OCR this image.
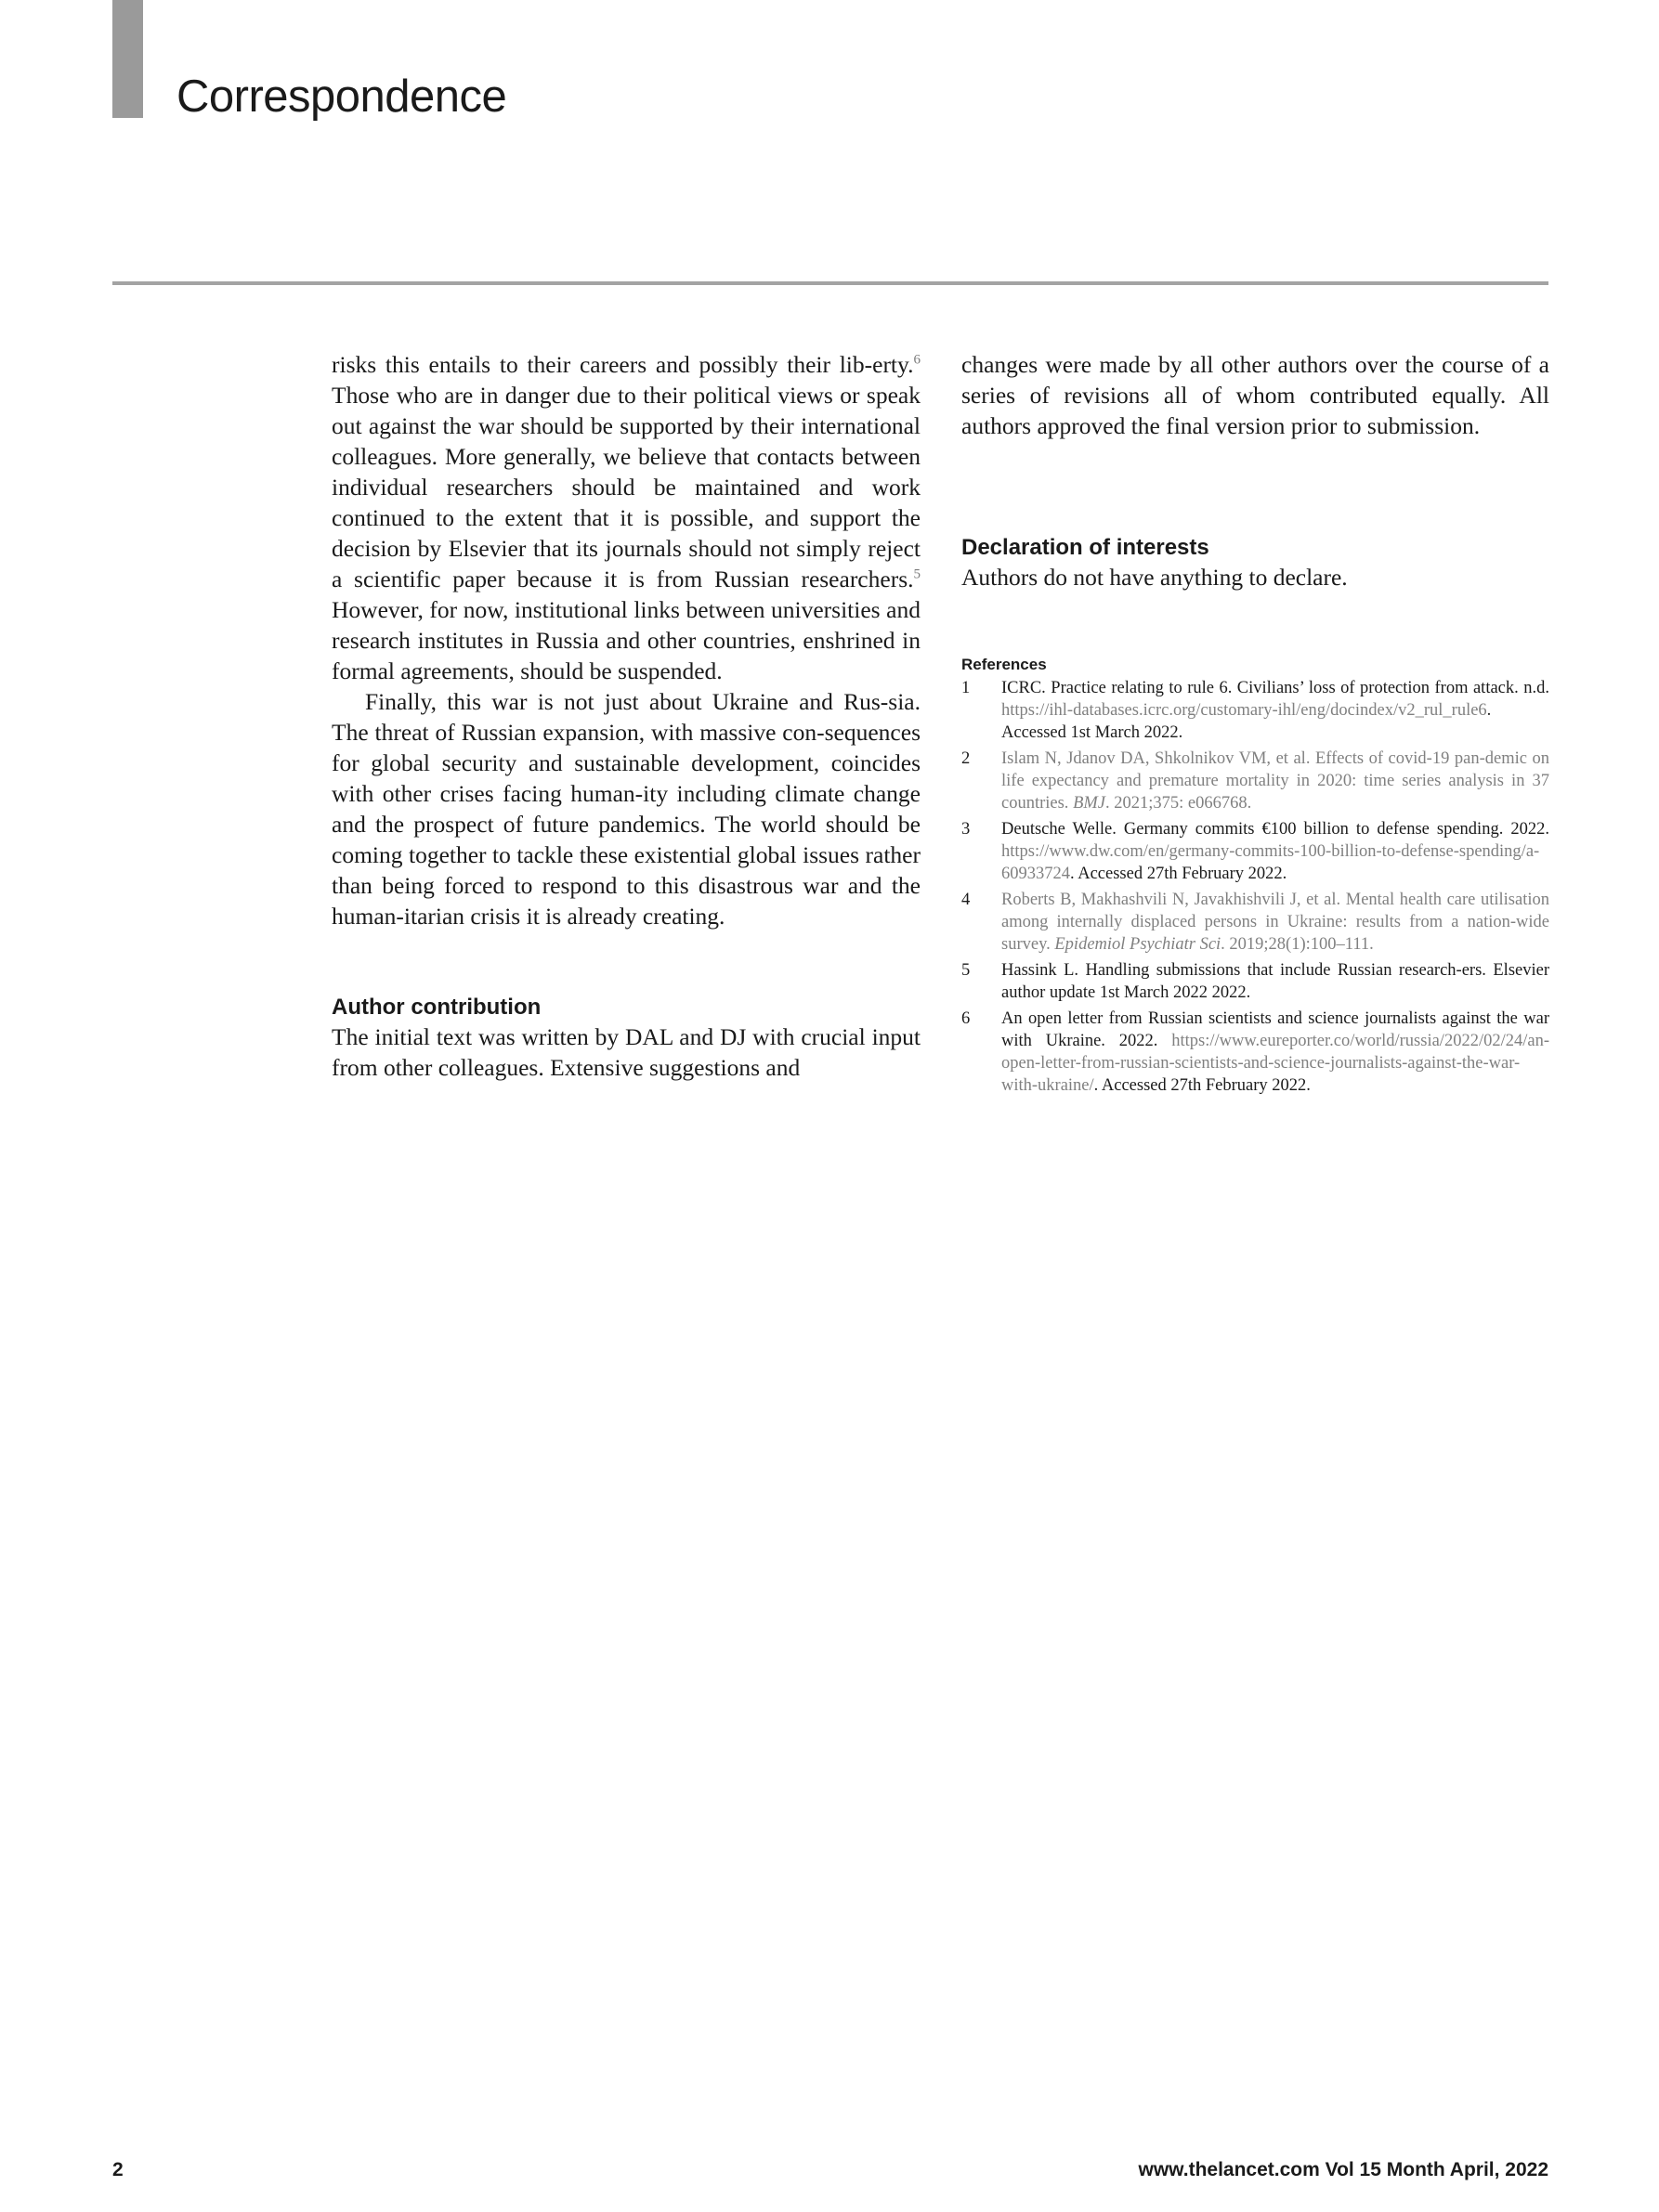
Correspondence

risks this entails to their careers and possibly their lib-erty.$^6$ Those who are in danger due to their political views or speak out against the war should be supported by their international colleagues. More generally, we believe that contacts between individual researchers should be maintained and work continued to the extent that it is possible, and support the decision by Elsevier that its journals should not simply reject a scientific paper because it is from Russian researchers.$^5$ However, for now, institutional links between universities and research institutes in Russia and other countries, enshrined in formal agreements, should be suspended.

Finally, this war is not just about Ukraine and Rus-sia. The threat of Russian expansion, with massive con-sequences for global security and sustainable development, coincides with other crises facing human-ity including climate change and the prospect of future pandemics. The world should be coming together to tackle these existential global issues rather than being forced to respond to this disastrous war and the human-itarian crisis it is already creating.

Author contribution

The initial text was written by DAL and DJ with crucial input from other colleagues. Extensive suggestions and

changes were made by all other authors over the course of a series of revisions all of whom contributed equally. All authors approved the final version prior to submission.

Declaration of interests

Authors do not have anything to declare.

References
1 ICRC. Practice relating to rule 6. Civilians’ loss of protection from attack. n.d. https://ihl-databases.icrc.org/customary-ihl/eng/docindex/v2_rul_rule6. Accessed 1st March 2022.
2 Islam N, Jdanov DA, Shkolnikov VM, et al. Effects of covid-19 pan-demic on life expectancy and premature mortality in 2020: time series analysis in 37 countries. BMJ. 2021;375: e066768.
3 Deutsche Welle. Germany commits €100 billion to defense spending. 2022. https://www.dw.com/en/germany-commits-100-billion-to-defense-spending/a-60933724. Accessed 27th February 2022.
4 Roberts B, Makhashvili N, Javakhishvili J, et al. Mental health care utilisation among internally displaced persons in Ukraine: results from a nation-wide survey. Epidemiol Psychiatr Sci. 2019;28(1):100–111.
5 Hassink L. Handling submissions that include Russian research-ers. Elsevier author update 1st March 2022 2022.
6 An open letter from Russian scientists and science journalists against the war with Ukraine. 2022. https://www.eureporter.co/world/russia/2022/02/24/an-open-letter-from-russian-scientists-and-science-journalists-against-the-war-with-ukraine/. Accessed 27th February 2022.
2	www.thelancet.com Vol 15 Month April, 2022
